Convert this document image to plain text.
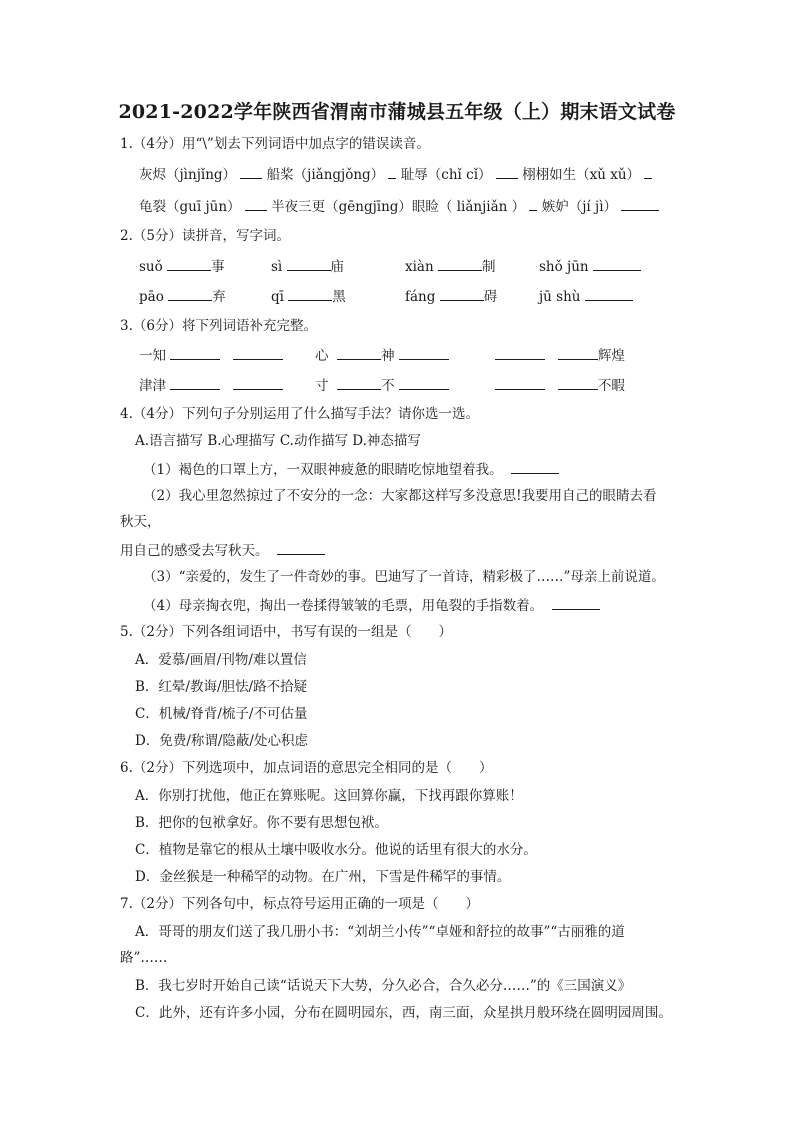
2021-2022学年陕西省渭南市蒲城县五年级（上）期末语文试卷
1.（4分）用“\”划去下列词语中加点字的错误读音。
灰烬（jìnjǐng） 船桨（jiǎngjǒng） 耻辱（chǐ cǐ） 栩栩如生（xǔ xǔ）
龟裂（guī jūn） 半夜三更（gēngjīng）眼睑（ liǎnjiǎn ） 嫉妒（jí jì）
2.（5分）读拼音，写字词。
suǒ	事	sì	庙	xiàn	制	shǒ jūn
pāo	弃	qī	黑	fáng	碍	jū shù
3.（6分）将下列词语补充完整。
一知	心	神	辉煌
津津	寸	不	不暇
4.（4分）下列句子分别运用了什么描写手法？请你选一选。
A.语言描写 B.心理描写 C.动作描写 D.神态描写
（1）褐色的口罩上方，一双眼神疲惫的眼睛吃惊地望着我。
（2）我心里忽然掠过了不安分的一念：大家都这样写多没意思!我要用自己的眼睛去看
秋天，
用自己的感受去写秋天。
（3）“亲爱的，发生了一件奇妙的事。巴迪写了一首诗，精彩极了……”母亲上前说道。
（4）母亲掏衣兜，掏出一卷揉得皱皱的毛票，用龟裂的手指数着。
5.（2分）下列各组词语中，书写有误的一组是（　　）
A．爱慕/画眉/刊物/难以置信
B．红晕/教诲/胆怯/路不拾疑
C．机械/脊背/梳子/不可估量
D．免费/称谓/隐蔽/处心积虑
6.（2分）下列选项中，加点词语的意思完全相同的是（　　）
A．你别打扰他，他正在算账呢。这回算你赢，下找再跟你算账！
B．把你的包袱拿好。你不要有思想包袱。
C．植物是靠它的根从土壤中吸收水分。他说的话里有很大的水分。
D．金丝猴是一种稀罕的动物。在广州，下雪是件稀罕的事情。
7.（2分）下列各句中，标点符号运用正确的一项是（　　）
A．哥哥的朋友们送了我几册小书：“刘胡兰小传”“卓娅和舒拉的故事”“古丽雅的道
路”……
B．我七岁时开始自己读“话说天下大势，分久必合，合久必分……”的《三国演义》
C．此外，还有许多小园，分布在圆明园东，西，南三面，众星拱月般环绕在圆明园周围。
